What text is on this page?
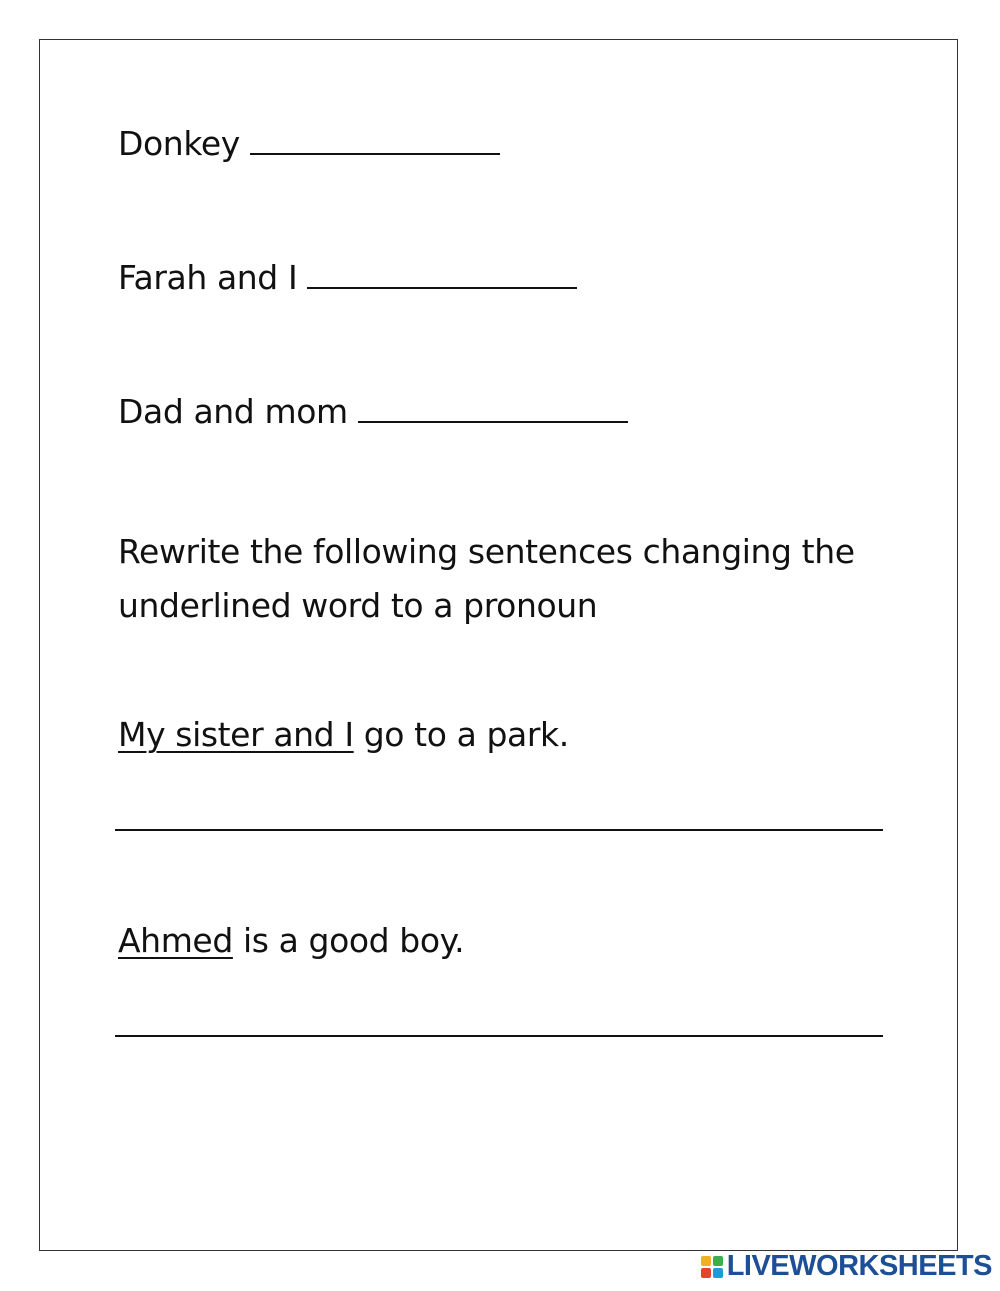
Donkey
Farah and I
Dad and mom
Rewrite the following sentences changing the underlined word to a pronoun
My sister and I go to a park.
Ahmed is a good boy.
LIVEWORKSHEETS
